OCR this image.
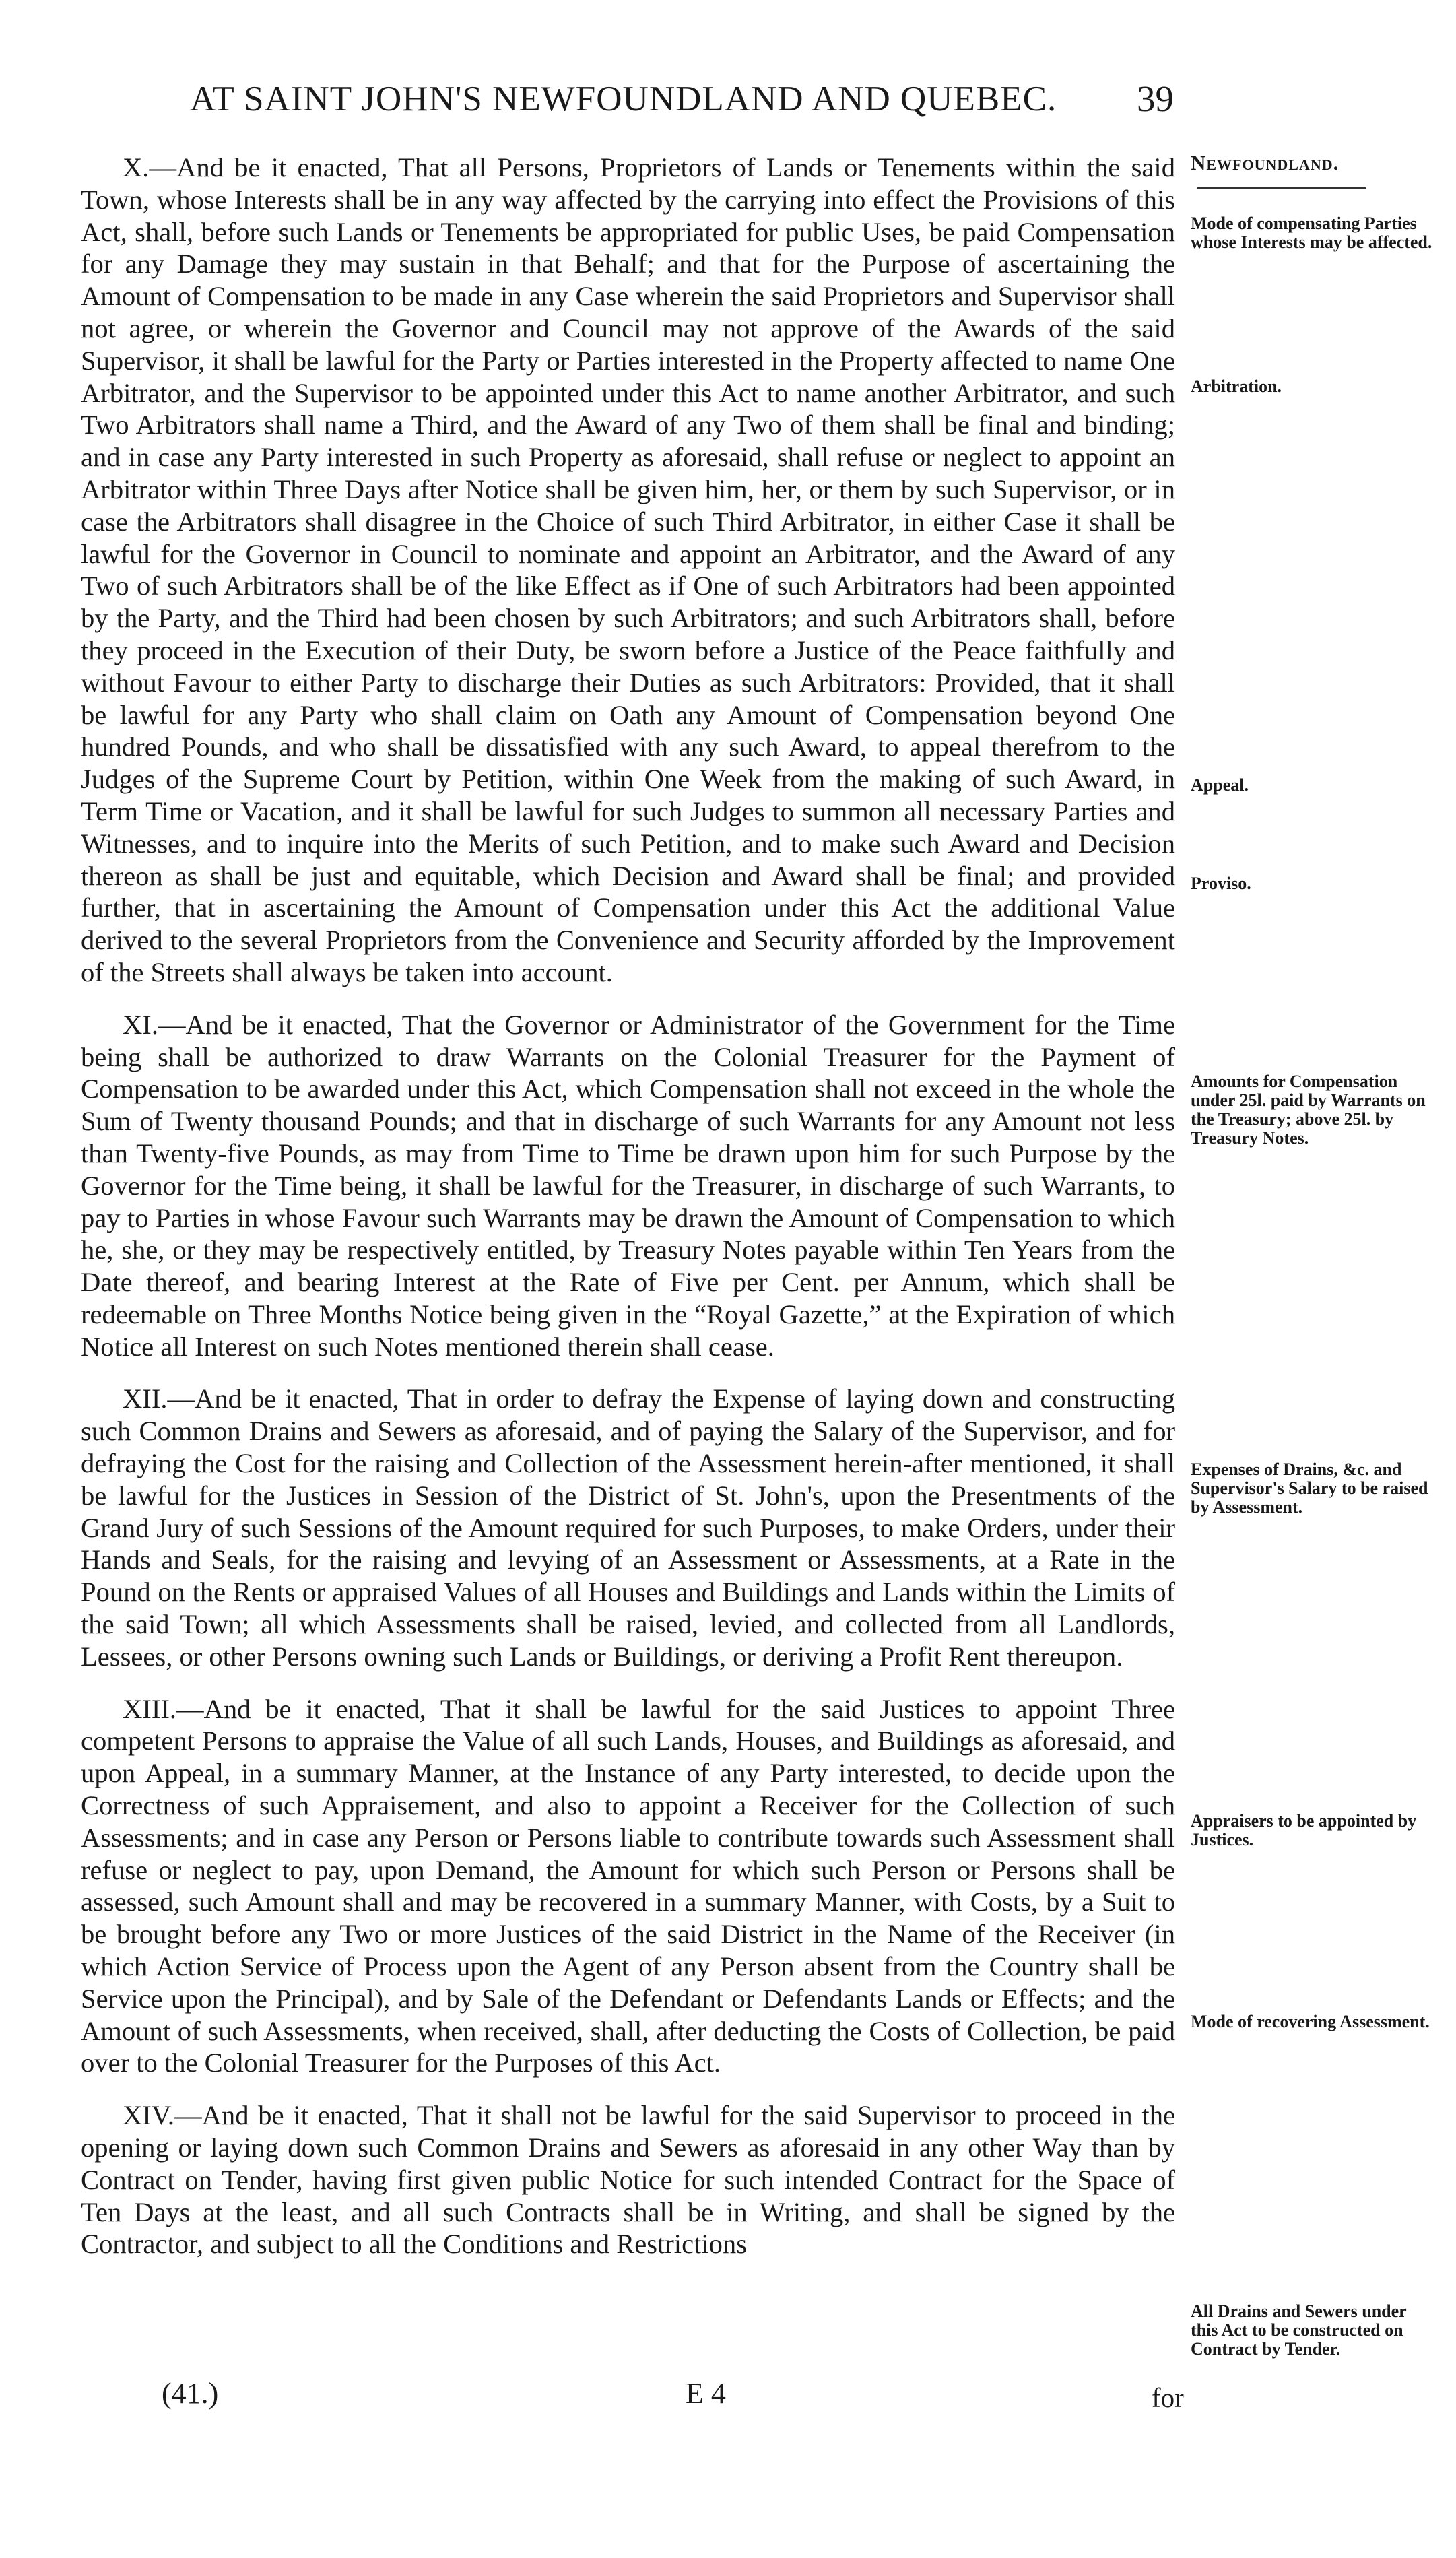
AT SAINT JOHN'S NEWFOUNDLAND AND QUEBEC. 39

X.—And be it enacted, That all Persons, Proprietors of Lands or Tenements within the said Town, whose Interests shall be in any way affected by the carrying into effect the Provisions of this Act, shall, before such Lands or Tenements be appropriated for public Uses, be paid Compensation for any Damage they may sustain in that Behalf; and that for the Purpose of ascertaining the Amount of Compensation to be made in any Case wherein the said Proprietors and Supervisor shall not agree, or wherein the Governor and Council may not approve of the Awards of the said Supervisor, it shall be lawful for the Party or Parties interested in the Property affected to name One Arbitrator, and the Supervisor to be appointed under this Act to name another Arbitrator, and such Two Arbitrators shall name a Third, and the Award of any Two of them shall be final and binding; and in case any Party interested in such Property as aforesaid, shall refuse or neglect to appoint an Arbitrator within Three Days after Notice shall be given him, her, or them by such Supervisor, or in case the Arbitrators shall disagree in the Choice of such Third Arbitrator, in either Case it shall be lawful for the Governor in Council to nominate and appoint an Arbitrator, and the Award of any Two of such Arbitrators shall be of the like Effect as if One of such Arbitrators had been appointed by the Party, and the Third had been chosen by such Arbitrators; and such Arbitrators shall, before they proceed in the Execution of their Duty, be sworn before a Justice of the Peace faithfully and without Favour to either Party to discharge their Duties as such Arbitrators: Provided, that it shall be lawful for any Party who shall claim on Oath any Amount of Compensation beyond One hundred Pounds, and who shall be dissatisfied with any such Award, to appeal therefrom to the Judges of the Supreme Court by Petition, within One Week from the making of such Award, in Term Time or Vacation, and it shall be lawful for such Judges to summon all necessary Parties and Witnesses, and to inquire into the Merits of such Petition, and to make such Award and Decision thereon as shall be just and equitable, which Decision and Award shall be final; and provided further, that in ascertaining the Amount of Compensation under this Act the additional Value derived to the several Proprietors from the Convenience and Security afforded by the Improvement of the Streets shall always be taken into account.

XI.—And be it enacted, That the Governor or Administrator of the Government for the Time being shall be authorized to draw Warrants on the Colonial Treasurer for the Payment of Compensation to be awarded under this Act, which Compensation shall not exceed in the whole the Sum of Twenty thousand Pounds; and that in discharge of such Warrants for any Amount not less than Twenty-five Pounds, as may from Time to Time be drawn upon him for such Purpose by the Governor for the Time being, it shall be lawful for the Treasurer, in discharge of such Warrants, to pay to Parties in whose Favour such Warrants may be drawn the Amount of Compensation to which he, she, or they may be respectively entitled, by Treasury Notes payable within Ten Years from the Date thereof, and bearing Interest at the Rate of Five per Cent. per Annum, which shall be redeemable on Three Months Notice being given in the “Royal Gazette,” at the Expiration of which Notice all Interest on such Notes mentioned therein shall cease.

XII.—And be it enacted, That in order to defray the Expense of laying down and constructing such Common Drains and Sewers as aforesaid, and of paying the Salary of the Supervisor, and for defraying the Cost for the raising and Collection of the Assessment herein-after mentioned, it shall be lawful for the Justices in Session of the District of St. John's, upon the Presentments of the Grand Jury of such Sessions of the Amount required for such Purposes, to make Orders, under their Hands and Seals, for the raising and levying of an Assessment or Assessments, at a Rate in the Pound on the Rents or appraised Values of all Houses and Buildings and Lands within the Limits of the said Town; all which Assessments shall be raised, levied, and collected from all Landlords, Lessees, or other Persons owning such Lands or Buildings, or deriving a Profit Rent thereupon.

XIII.—And be it enacted, That it shall be lawful for the said Justices to appoint Three competent Persons to appraise the Value of all such Lands, Houses, and Buildings as aforesaid, and upon Appeal, in a summary Manner, at the Instance of any Party interested, to decide upon the Correctness of such Appraisement, and also to appoint a Receiver for the Collection of such Assessments; and in case any Person or Persons liable to contribute towards such Assessment shall refuse or neglect to pay, upon Demand, the Amount for which such Person or Persons shall be assessed, such Amount shall and may be recovered in a summary Manner, with Costs, by a Suit to be brought before any Two or more Justices of the said District in the Name of the Receiver (in which Action Service of Process upon the Agent of any Person absent from the Country shall be Service upon the Principal), and by Sale of the Defendant or Defendants Lands or Effects; and the Amount of such Assessments, when received, shall, after deducting the Costs of Collection, be paid over to the Colonial Treasurer for the Purposes of this Act.

XIV.—And be it enacted, That it shall not be lawful for the said Supervisor to proceed in the opening or laying down such Common Drains and Sewers as aforesaid in any other Way than by Contract on Tender, having first given public Notice for such intended Contract for the Space of Ten Days at the least, and all such Contracts shall be in Writing, and shall be signed by the Contractor, and subject to all the Conditions and Restrictions

Newfoundland.
Mode of compensating Parties whose Interests may be affected.
Arbitration.
Appeal.
Proviso.
Amounts for Compensation under 25l. paid by Warrants on the Treasury; above 25l. by Treasury Notes.
Expenses of Drains, &c. and Supervisor's Salary to be raised by Assessment.
Appraisers to be appointed by Justices.
Mode of recovering Assessment.
All Drains and Sewers under this Act to be constructed on Contract by Tender.
(41.)	E 4	for
